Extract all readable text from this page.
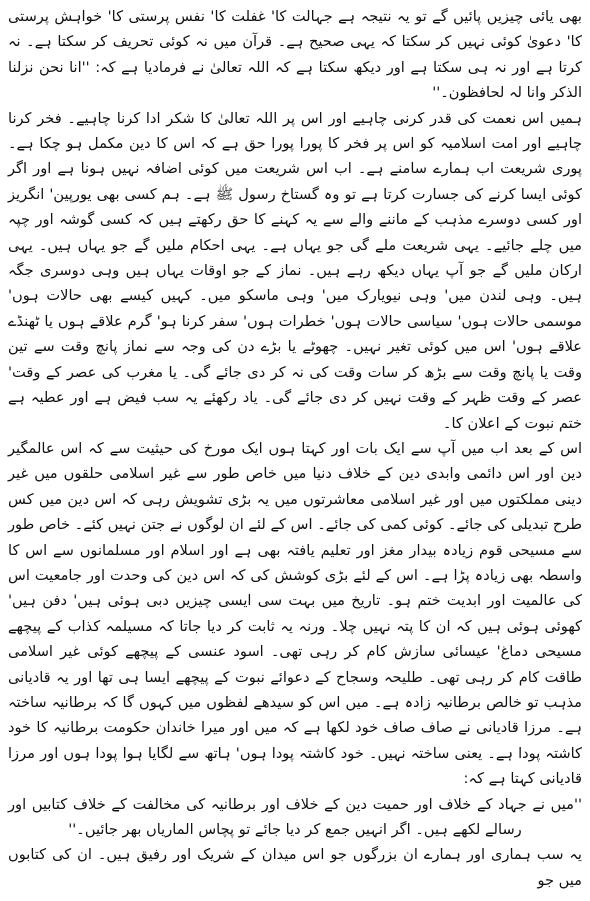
بھی یائی چیزیں پائیں گے تو یہ نتیجہ ہے جہالت کا' غفلت کا' نفس پرستی کا' خواہش پرستی کا' دعویٰ کوئی نہیں کر سکتا کہ یہی صحیح ہے۔ قرآن میں نہ کوئی تحریف کر سکتا ہے۔ نہ کرتا ہے اور نہ ہی سکتا ہے اور دیکھ سکتا ہے کہ اللہ تعالیٰ نے فرمادیا ہے کہ: ''انا نحن نزلنا الذکر وانا لہ لحافظون۔''

ہمیں اس نعمت کی قدر کرنی چاہیے اور اس پر اللہ تعالیٰ کا شکر ادا کرنا چاہیے۔ فخر کرنا چاہیے اور امت اسلامیہ کو اس پر فخر کا پورا پورا حق ہے کہ اس کا دین مکمل ہو چکا ہے۔ پوری شریعت اب ہمارے سامنے ہے۔ اب اس شریعت میں کوئی اضافہ نہیں ہونا ہے اور اگر کوئی ایسا کرنے کی جسارت کرتا ہے تو وہ گستاخ رسول ﷺ ہے۔ ہم کسی بھی یورپین' انگریز اور کسی دوسرے مذہب کے ماننے والے سے یہ کہنے کا حق رکھتے ہیں کہ کسی گوشہ اور چپہ میں چلے جائیے۔ یہی شریعت ملے گی جو یہاں ہے۔ یہی احکام ملیں گے جو یہاں ہیں۔ یہی ارکان ملیں گے جو آپ یہاں دیکھ رہے ہیں۔ نماز کے جو اوقات یہاں ہیں وہی دوسری جگہ ہیں۔ وہی لندن میں' وہی نیویارک میں' وہی ماسکو میں۔ کہیں کیسے بھی حالات ہوں' موسمی حالات ہوں' سیاسی حالات ہوں' خطرات ہوں' سفر کرنا ہو' گرم علاقے ہوں یا ٹھنڈے علاقے ہوں' اس میں کوئی تغیر نہیں۔ چھوٹے یا بڑے دن کی وجہ سے نماز پانچ وقت سے تین وقت یا پانچ وقت سے بڑھ کر سات وقت کی نہ کر دی جائے گی۔ یا مغرب کی عصر کے وقت' عصر کے وقت ظہر کے وقت نہیں کر دی جائے گی۔ یاد رکھئے یہ سب فیض ہے اور عطیہ ہے ختم نبوت کے اعلان کا۔

اس کے بعد اب میں آپ سے ایک بات اور کہتا ہوں ایک مورخ کی حیثیت سے کہ اس عالمگیر دین اور اس دائمی وابدی دین کے خلاف دنیا میں خاص طور سے غیر اسلامی حلقوں میں غیر دینی مملکتوں میں اور غیر اسلامی معاشرتوں میں یہ بڑی تشویش رہی کہ اس دین میں کس طرح تبدیلی کی جائے۔ کوئی کمی کی جائے۔ اس کے لئے ان لوگوں نے جتن نہیں کئے۔ خاص طور سے مسیحی قوم زیادہ بیدار مغز اور تعلیم یافتہ بھی ہے اور اسلام اور مسلمانوں سے اس کا واسطہ بھی زیادہ پڑا ہے۔ اس کے لئے بڑی کوشش کی کہ اس دین کی وحدت اور جامعیت اس کی عالمیت اور ابدیت ختم ہو۔ تاریخ میں بہت سی ایسی چیزیں دبی ہوئی ہیں' دفن ہیں' کھوئی ہوئی ہیں کہ ان کا پتہ نہیں چلا۔ ورنہ یہ ثابت کر دیا جاتا کہ مسیلمہ کذاب کے پیچھے مسیحی دماغ' عیسائی سازش کام کر رہی تھی۔ اسود عنسی کے پیچھے کوئی غیر اسلامی طاقت کام کر رہی تھی۔ طلیحہ وسجاح کے دعوائے نبوت کے پیچھے ایسا ہی تھا اور یہ قادیانی مذہب تو خالص برطانیہ زادہ ہے۔ میں اس کو سیدھے لفظوں میں کہوں گا کہ برطانیہ ساختہ ہے۔ مرزا قادیانی نے صاف صاف خود لکھا ہے کہ میں اور میرا خاندان حکومت برطانیہ کا خود کاشتہ پودا ہے۔ یعنی ساختہ نہیں۔ خود کاشتہ پودا ہوں' ہاتھ سے لگایا ہوا پودا ہوں اور مرزا قادیانی کہتا ہے کہ:

''میں نے جہاد کے خلاف اور حمیت دین کے خلاف اور برطانیہ کی مخالفت کے خلاف کتابیں اور رسالے لکھے ہیں۔ اگر انہیں جمع کر دیا جائے تو پچاس الماریاں بھر جائیں۔''

یہ سب ہماری اور ہمارے ان بزرگوں جو اس میدان کے شریک اور رفیق ہیں۔ ان کی کتابوں میں جو
